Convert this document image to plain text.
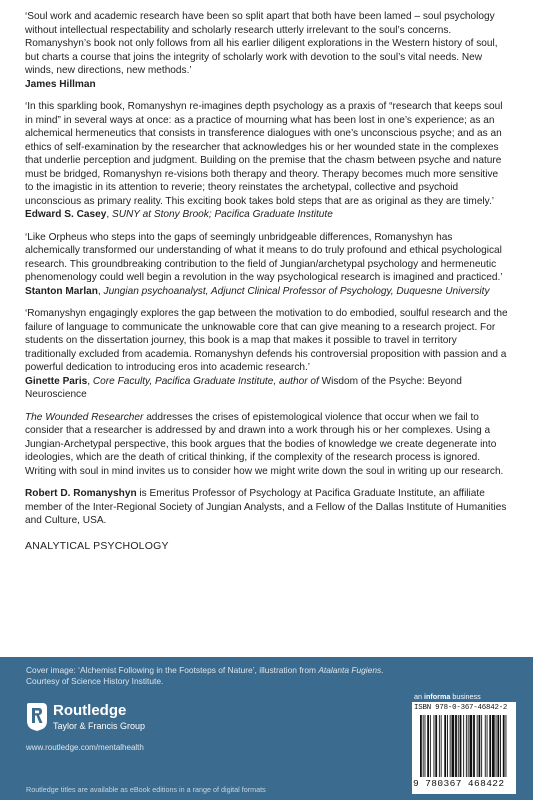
‘Soul work and academic research have been so split apart that both have been lamed – soul psychology without intellectual respectability and scholarly research utterly irrelevant to the soul’s concerns. Romanyshyn’s book not only follows from all his earlier diligent explorations in the Western history of soul, but charts a course that joins the integrity of scholarly work with devotion to the soul’s vital needs. New winds, new directions, new methods.’

James Hillman

‘In this sparkling book, Romanyshyn re-imagines depth psychology as a praxis of “research that keeps soul in mind” in several ways at once: as a practice of mourning what has been lost in one’s experience; as an alchemical hermeneutics that consists in transference dialogues with one’s unconscious psyche; and as an ethics of self-examination by the researcher that acknowledges his or her wounded state in the complexes that underlie perception and judgment. Building on the premise that the chasm between psyche and nature must be bridged, Romanyshyn re-visions both therapy and theory. Therapy becomes much more sensitive to the imagistic in its attention to reverie; theory reinstates the archetypal, collective and psychoid unconscious as primary reality. This exciting book takes bold steps that are as original as they are timely.’

Edward S. Casey, SUNY at Stony Brook; Pacifica Graduate Institute

‘Like Orpheus who steps into the gaps of seemingly unbridgeable differences, Romanyshyn has alchemically transformed our understanding of what it means to do truly profound and ethical psychological research. This groundbreaking contribution to the field of Jungian/archetypal psychology and hermeneutic phenomenology could well begin a revolution in the way psychological research is imagined and practiced.’

Stanton Marlan, Jungian psychoanalyst, Adjunct Clinical Professor of Psychology, Duquesne University

‘Romanyshyn engagingly explores the gap between the motivation to do embodied, soulful research and the failure of language to communicate the unknowable core that can give meaning to a research project. For students on the dissertation journey, this book is a map that makes it possible to travel in territory traditionally excluded from academia. Romanyshyn defends his controversial proposition with passion and a powerful dedication to introducing eros into academic research.’

Ginette Paris, Core Faculty, Pacifica Graduate Institute, author of Wisdom of the Psyche: Beyond Neuroscience

The Wounded Researcher addresses the crises of epistemological violence that occur when we fail to consider that a researcher is addressed by and drawn into a work through his or her complexes. Using a Jungian-Archetypal perspective, this book argues that the bodies of knowledge we create degenerate into ideologies, which are the death of critical thinking, if the complexity of the research process is ignored. Writing with soul in mind invites us to consider how we might write down the soul in writing up our research.

Robert D. Romanyshyn is Emeritus Professor of Psychology at Pacifica Graduate Institute, an affiliate member of the Inter-Regional Society of Jungian Analysts, and a Fellow of the Dallas Institute of Humanities and Culture, USA.

ANALYTICAL PSYCHOLOGY
Cover image: ‘Alchemist Following in the Footsteps of Nature’, illustration from Atalanta Fugiens.
Courtesy of Science History Institute.
an informa business
Routledge
Taylor & Francis Group
www.routledge.com/mentalhealth
Routledge titles are available as eBook editions in a range of digital formats
ISBN 978-0-367-46842-2
9 780367 468422
